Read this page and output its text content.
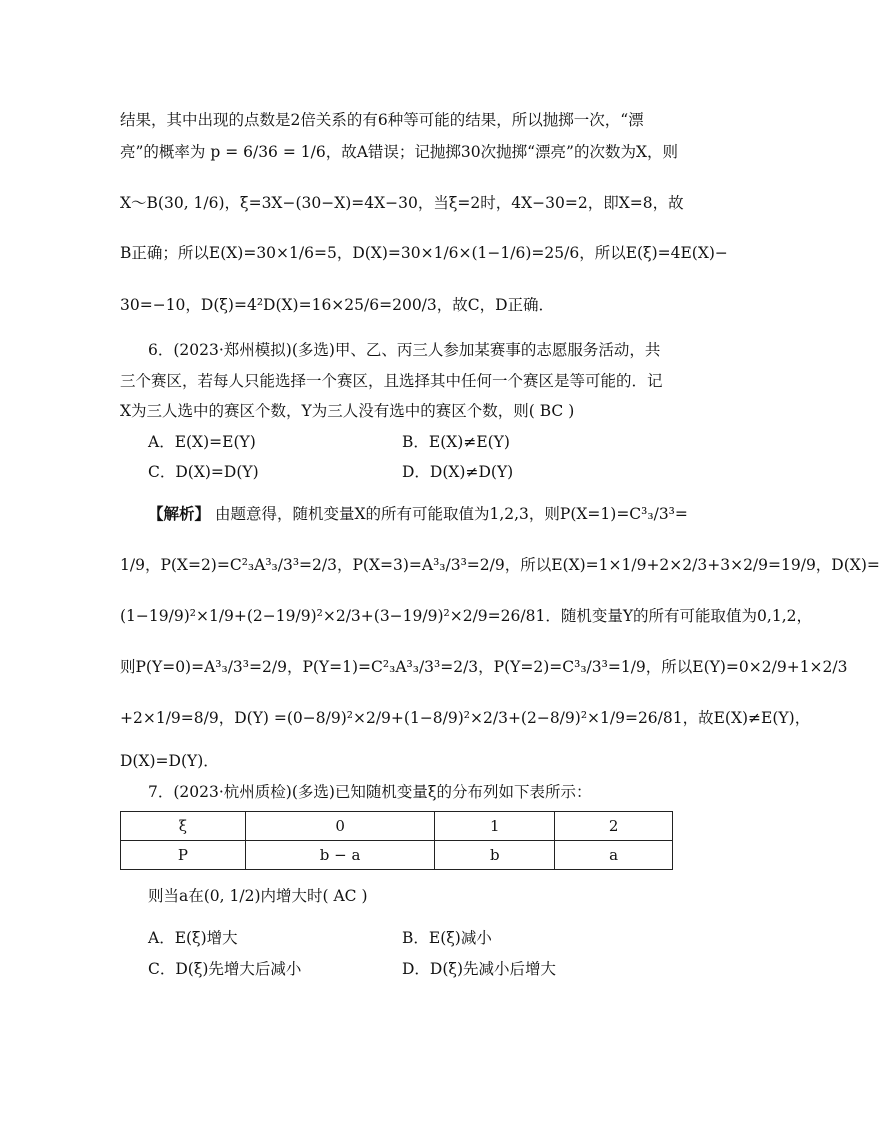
结果，其中出现的点数是2倍关系的有6种等可能的结果，所以抛掷一次，“漂
亮”的概率为 p = 6/36 = 1/6，故A错误；记抛掷30次抛掷“漂亮”的次数为X，则
X～B(30, 1/6)，ξ=3X−(30−X)=4X−30，当ξ=2时，4X−30=2，即X=8，故
B正确；所以E(X)=30×1/6=5，D(X)=30×1/6×(1−1/6)=25/6，所以E(ξ)=4E(X)−
30=−10，D(ξ)=4²D(X)=16×25/6=200/3，故C，D正确．
6．(2023·郑州模拟)(多选)甲、乙、丙三人参加某赛事的志愿服务活动，共
三个赛区，若每人只能选择一个赛区，且选择其中任何一个赛区是等可能的．记
X为三人选中的赛区个数，Y为三人没有选中的赛区个数，则( BC )
A．E(X)=E(Y)	B．E(X)≠E(Y)
C．D(X)=D(Y)	D．D(X)≠D(Y)
【解析】 由题意得，随机变量X的所有可能取值为1,2,3，则P(X=1)=C³₃/3³=
1/9，P(X=2)=C²₃A³₃/3³=2/3，P(X=3)=A³₃/3³=2/9，所以E(X)=1×1/9+2×2/3+3×2/9=19/9，D(X)=
(1−19/9)²×1/9+(2−19/9)²×2/3+(3−19/9)²×2/9=26/81．随机变量Y的所有可能取值为0,1,2，
则P(Y=0)=A³₃/3³=2/9，P(Y=1)=C²₃A³₃/3³=2/3，P(Y=2)=C³₃/3³=1/9，所以E(Y)=0×2/9+1×2/3
+2×1/9=8/9，D(Y) =(0−8/9)²×2/9+(1−8/9)²×2/3+(2−8/9)²×1/9=26/81，故E(X)≠E(Y)，
D(X)=D(Y)．
7．(2023·杭州质检)(多选)已知随机变量ξ的分布列如下表所示：
ξ	0	1	2
P	b − a	b	a
则当a在(0, 1/2)内增大时( AC )
A．E(ξ)增大	B．E(ξ)减小
C．D(ξ)先增大后减小	D．D(ξ)先减小后增大
